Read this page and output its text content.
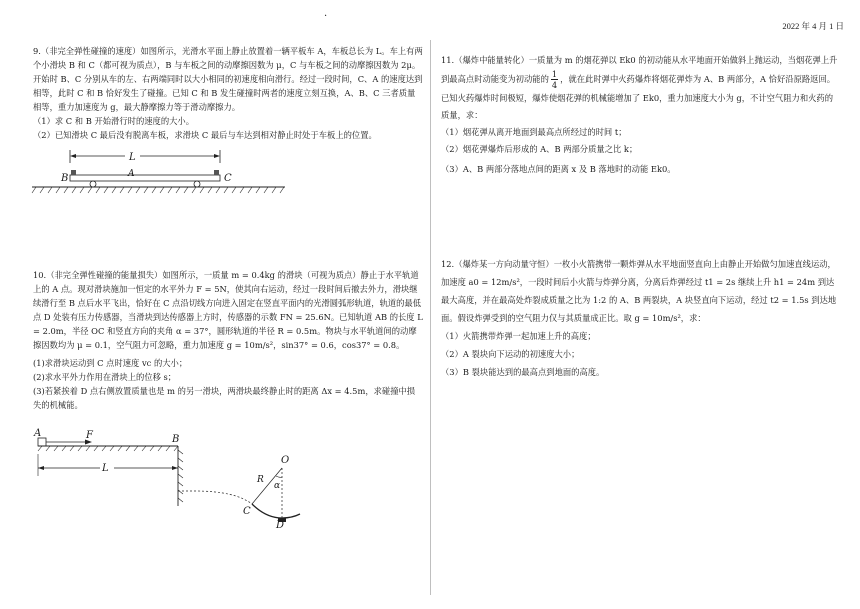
2022 年 4 月 1 日
.

9.（非完全弹性碰撞的速度）如图所示，光滑水平面上静止放置着一辆平板车 A，车板总长为 L。车上有两个小滑块 B 和 C（都可视为质点），B 与车板之间的动摩擦因数为 μ，C 与车板之间的动摩擦因数为 2μ。开始时 B、C 分别从车的左、右两端同时以大小相同的初速度相向滑行。经过一段时间，C、A 的速度达到相等，此时 C 和 B 恰好发生了碰撞。已知 C 和 B 发生碰撞时两者的速度立刻互换，A、B、C 三者质量相等，重力加速度为 g，最大静摩擦力等于滑动摩擦力。

（1）求 C 和 B 开始滑行时的速度的大小。

（2）已知滑块 C 最后没有脱离车板，求滑块 C 最后与车达到相对静止时处于车板上的位置。

L
B	C
A

10.（非完全弹性碰撞的能量损失）如图所示，一质量 m = 0.4kg 的滑块（可视为质点）静止于水平轨道上的 A 点。现对滑块施加一恒定的水平外力 F = 5N，使其向右运动，经过一段时间后撤去外力，滑块继续滑行至 B 点后水平飞出，恰好在 C 点沿切线方向进入固定在竖直平面内的光滑圆弧形轨道，轨道的最低点 D 处装有压力传感器，当滑块到达传感器上方时，传感器的示数 FN = 25.6N。已知轨道 AB 的长度 L = 2.0m，半径 OC 和竖直方向的夹角 α = 37°，圆形轨道的半径 R = 0.5m。物块与水平轨道间的动摩擦因数均为 μ = 0.1，空气阻力可忽略，重力加速度 g = 10m/s²，sin37° = 0.6，cos37° = 0.8。

(1)求滑块运动到 C 点时速度 vc 的大小；

(2)求水平外力作用在滑块上的位移 s；

(3)若紧挨着 D 点右侧放置质量也是 m 的另一滑块，两滑块最终静止时的距离 Δx = 4.5m，求碰撞中损失的机械能。

A	F	B
L
O
R
α
C
D

11.（爆炸中能量转化）一质量为 m 的烟花弹以 Ek0 的初动能从水平地面开始做斜上抛运动，当烟花弹上升到最高点时动能变为初动能的 $\frac{1}{4}$ ，就在此时弹中火药爆炸将烟花弹炸为 A、B 两部分，A 恰好沿原路返回。已知火药爆炸时间极短，爆炸使烟花弹的机械能增加了 Ek0，重力加速度大小为 g，不计空气阻力和火药的质量，求：

（1）烟花弹从离开地面到最高点所经过的时间 t；

（2）烟花弹爆炸后形成的 A、B 两部分质量之比 k；

（3）A、B 两部分落地点间的距离 x 及 B 落地时的动能 Ek0。

12.（爆炸某一方向动量守恒）一枚小火箭携带一颗炸弹从水平地面竖直向上由静止开始做匀加速直线运动，加速度 a0 = 12m/s²，一段时间后小火箭与炸弹分离，分离后炸弹经过 t1 = 2s 继续上升 h1 = 24m 到达最大高度，并在最高处炸裂成质量之比为 1:2 的 A、B 两裂块，A 块竖直向下运动，经过 t2 = 1.5s 到达地面。假设炸弹受到的空气阻力仅与其质量成正比。取 g = 10m/s²，求：

（1）火箭携带炸弹一起加速上升的高度；

（2）A 裂块向下运动的初速度大小；

（3）B 裂块能达到的最高点到地面的高度。
